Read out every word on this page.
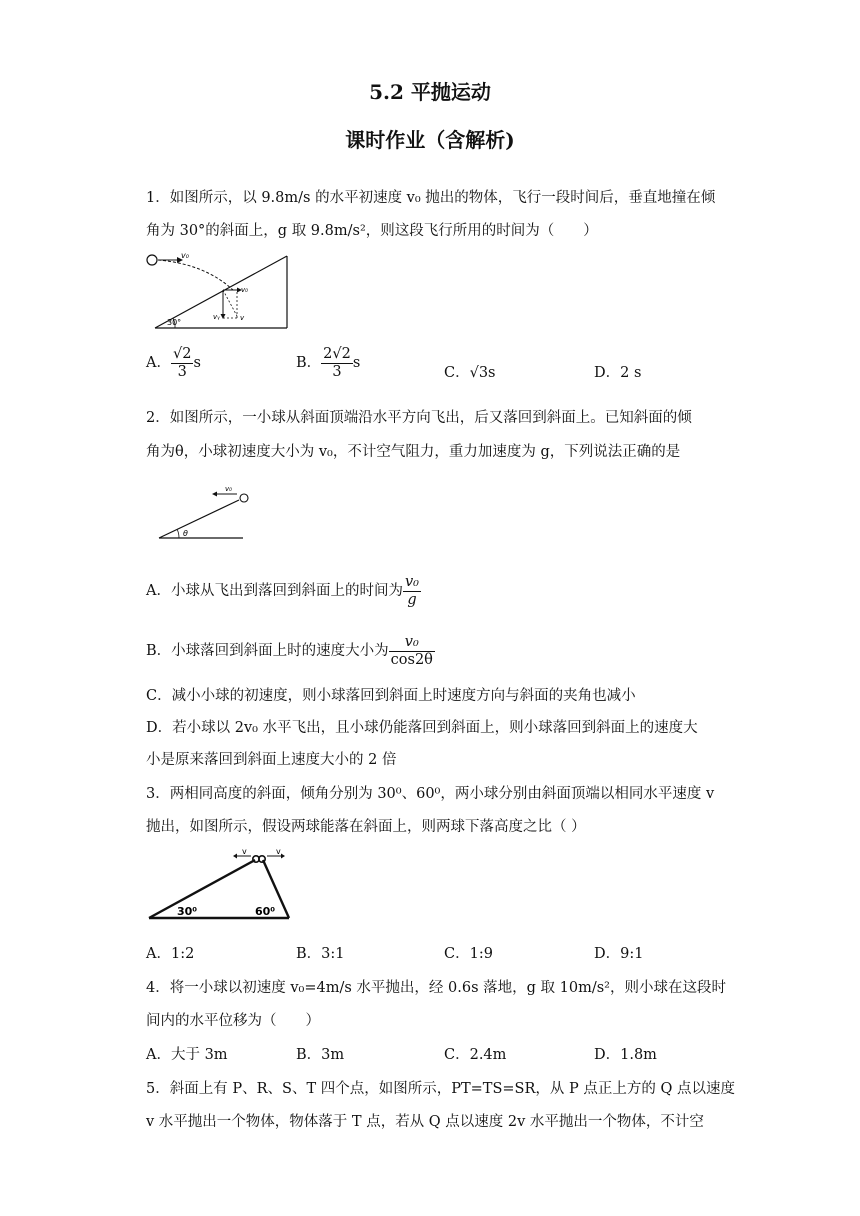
5.2 平抛运动
课时作业（含解析)
1．如图所示，以 9.8m/s 的水平初速度 v₀ 抛出的物体，飞行一段时间后，垂直地撞在倾
角为 30°的斜面上，g 取 9.8m/s²，则这段飞行所用的时间为（　　）
v₀
30°
v₀
vᵧ	v
A． $\frac{√2}{3}$ s	B． $\frac{2√2}{3}$ s
C．√3s	D．2 s
2．如图所示，一小球从斜面顶端沿水平方向飞出，后又落回到斜面上。已知斜面的倾
角为θ，小球初速度大小为 v₀，不计空气阻力，重力加速度为 g，下列说法正确的是
v₀
θ
A．小球从飞出到落回到斜面上的时间为 $\frac{\text{v₀}}{g}$
B．小球落回到斜面上时的速度大小为 $\frac{\text{v₀}}{\cos 2\theta}$
C．减小小球的初速度，则小球落回到斜面上时速度方向与斜面的夹角也减小
D．若小球以 2v₀ 水平飞出，且小球仍能落回到斜面上，则小球落回到斜面上的速度大
小是原来落回到斜面上速度大小的 2 倍
3．两相同高度的斜面，倾角分别为 30⁰、60⁰，两小球分别由斜面顶端以相同水平速度 v
抛出，如图所示，假设两球能落在斜面上，则两球下落高度之比（ ）
v	v
30⁰	60⁰
A．1:2	B．3:1	C．1:9	D．9:1
4．将一小球以初速度 v₀=4m/s 水平抛出，经 0.6s 落地，g 取 10m/s²，则小球在这段时
间内的水平位移为（　　）
A．大于 3m	B．3m	C．2.4m	D．1.8m
5．斜面上有 P、R、S、T 四个点，如图所示，PT=TS=SR，从 P 点正上方的 Q 点以速度
v 水平抛出一个物体，物体落于 T 点，若从 Q 点以速度 2v 水平抛出一个物体，不计空
